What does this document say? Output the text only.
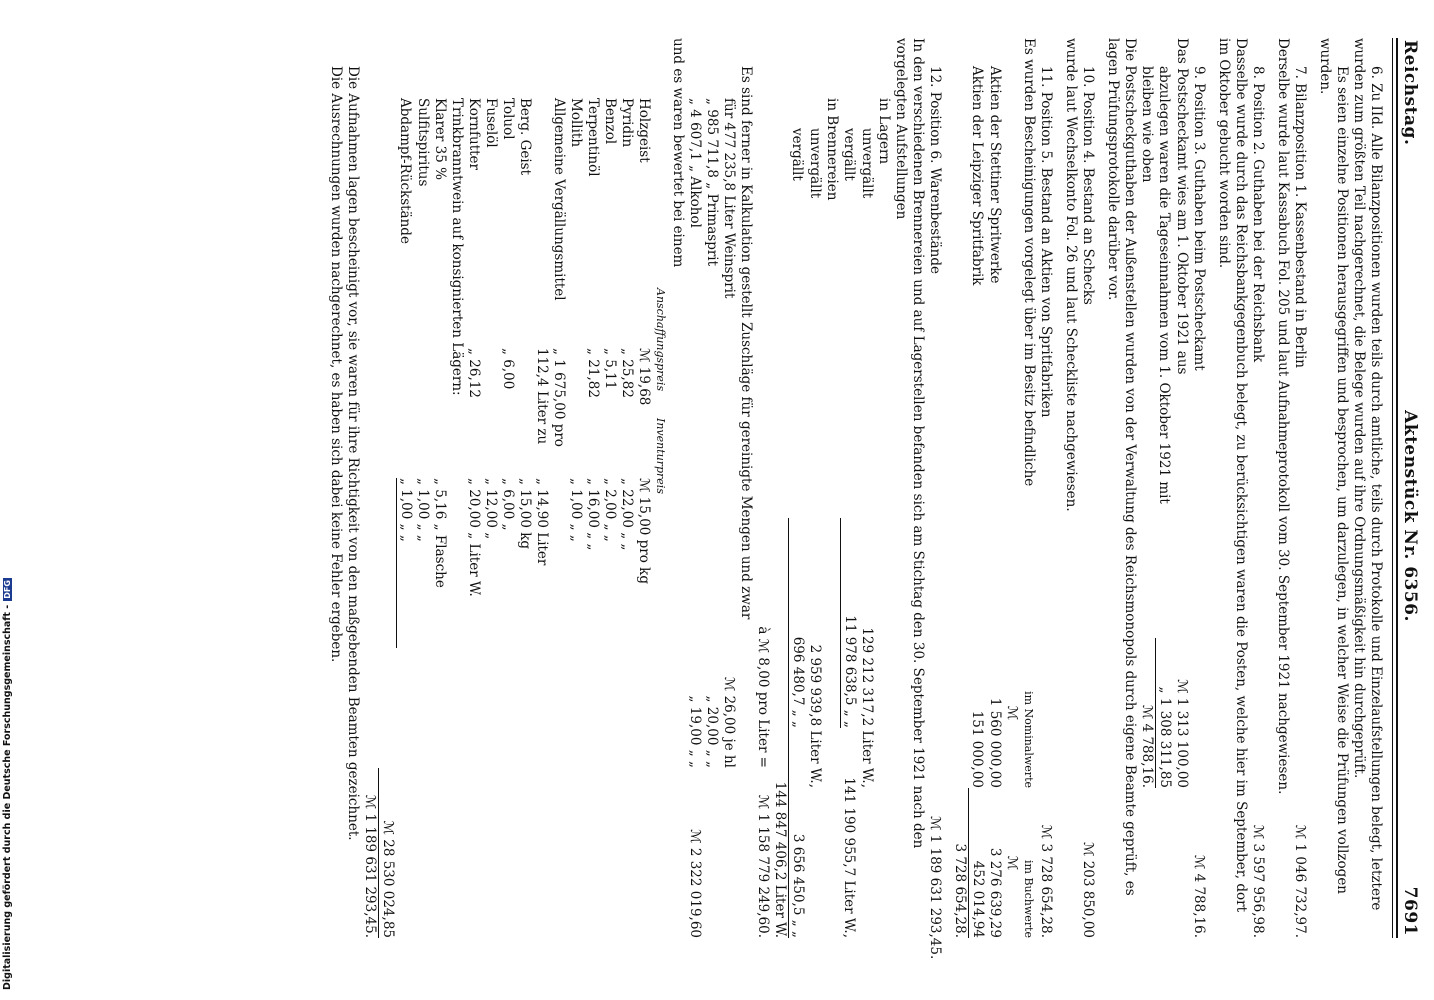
Reichstag.
Aktenstück Nr. 6356.
7691

6. Zu IId. Alle Bilanzpositionen wurden teils durch amtliche, teils durch Protokolle und Einzelaufstellungen belegt, letztere wurden zum größten Teil nachgerechnet, die Belege wurden auf ihre Ordnungsmäßigkeit hin durchgeprüft.

Es seien einzelne Positionen herausgegriffen und besprochen, um darzulegen, in welcher Weise die Prüfungen vollzogen wurden.

7. Bilanzposition 1. Kassenbestand in Berlin
ℳ 1 046 732,97.

Derselbe wurde laut Kassabuch Fol. 205 und laut Aufnahmeprotokoll vom 30. September 1921 nachgewiesen.

8. Position 2. Guthaben bei der Reichsbank
ℳ 3 597 956,98.

Dasselbe wurde durch das Reichsbankgegenbuch belegt, zu berücksichtigen waren die Posten, welche hier im September, dort im Oktober gebucht worden sind.

9. Position 3. Guthaben beim Postscheckamt
ℳ 4 788,16.
Das Postscheckamt wies am 1. Oktober 1921 aus
ℳ 1 313 100,00
abzulegen waren die Tageseinnahmen vom 1. Oktober 1921 mit
„ 1 308 311,85
bleiben wie oben
ℳ 4 788,16.

Die Postscheckguthaben der Außenstellen wurden von der Verwaltung des Reichsmonopols durch eigene Beamte geprüft, es lagen Prüfungsprotokolle darüber vor.

10. Position 4. Bestand an Schecks
ℳ 203 850,00

wurde laut Wechselkonto Fol. 26 und laut Scheckliste nachgewiesen.

11. Position 5. Bestand an Aktien von Spritfabriken
ℳ 3 728 654,28.
Es wurden Bescheinigungen vorgelegt über im Besitz befindliche
im Nominalwerte
im Buchwerte
ℳ
ℳ
Aktien der Stettiner Spritwerke
1 560 000,00
3 276 639,29
Aktien der Leipziger Spritfabrik
151 000,00
452 014,94
3 728 654,28.
12. Position 6. Warenbestände
ℳ 1 189 631 293,45.

In den verschiedenen Brennereien und auf Lagerstellen befanden sich am Stichtag den 30. September 1921 nach den vorgelegten Aufstellungen

in Lagern
unvergällt
129 212 317,2 Liter W.,
vergällt
11 978 638,5 „ „
141 190 955,7 Liter W.,
in Brennereien
unvergällt
2 959 939,8 Liter W.,
vergällt
696 480,7 „ „
3 656 450,5 „ „
144 847 406,2 Liter W.
à ℳ 8,00 pro Liter =
ℳ 1 158 779 249,60.
Es sind ferner in Kalkulation gestellt Zuschläge für gereinigte Mengen und zwar
für 477 235,8 Liter Weinsprit
ℳ 26,00 je hl
„ 985 711,8 „ Primasprit
„ 20,00 „ „
„ 4 607,1 „ Alkohol
„ 19,00 „ „
ℳ 2 322 019,60
und es waren bewertet bei einem
Anschaffungspreis
Inventurpreis
Holzgeist
ℳ 19,68
ℳ 15,00 pro kg
Pyridin
„ 25,82
„ 22,00 „ „
Benzol
„ 5,11
„ 2,00 „ „
Terpentinöl
„ 21,82
„ 16,00 „ „
Mollith
„ 1,00 „ „
Allgemeine Vergällungsmittel
„ 1 675,00 pro
112,4 Liter zu
„ 14,90 Liter
Berg. Geist
„ 15,00 kg
Toluol
„ 6,00
„ 6,00 „
Fuselöl
„ 12,00 „
Kornfutter
„ 26,12
„ 20,00 „ Liter W.
Trinkbranntwein auf konsignierten Lägern:
Klarer 35 %
„ 5,16 „ Flasche
Sulfitspiritus
„ 1,00 „ „
Abdampf-Rückstände
„ 1,00 „ „
ℳ 28 530 024,85
ℳ 1 189 631 293,45.

Die Aufnahmen lagen bescheinigt vor, sie waren für ihre Richtigkeit von den maßgebenden Beamten gezeichnet.

Die Ausrechnungen wurden nachgerechnet, es haben sich dabei keine Fehler ergeben.

Digitalisierung gefördert durch die Deutsche Forschungsgemeinschaft -DFG
